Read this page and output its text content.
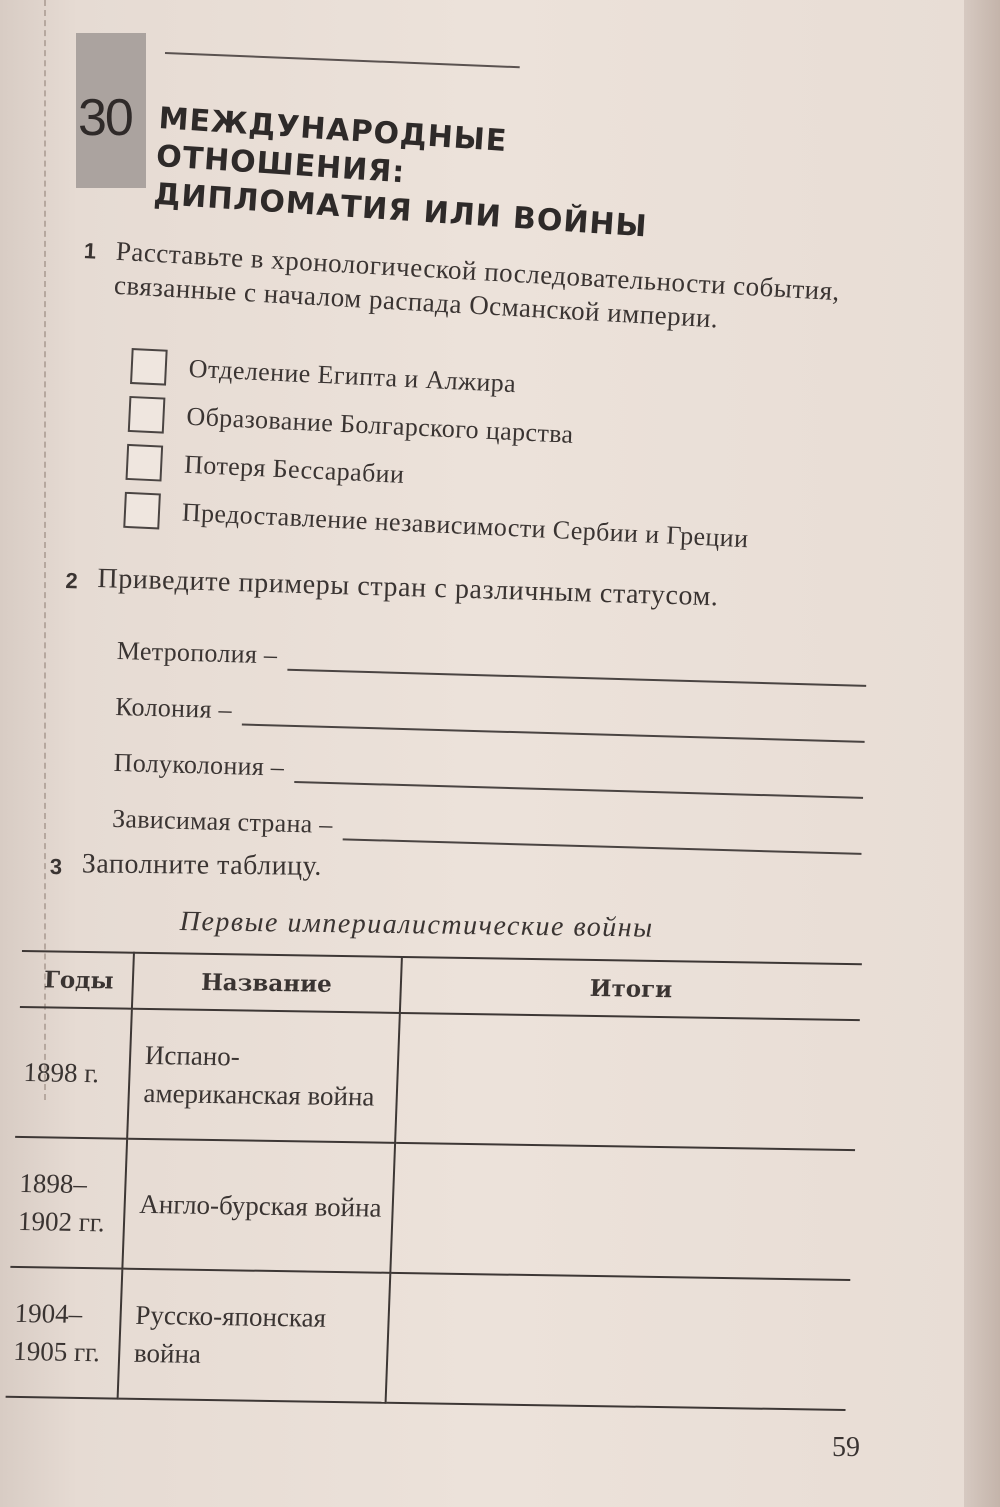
30 МЕЖДУНАРОДНЫЕ ОТНОШЕНИЯ:
ДИПЛОМАТИЯ ИЛИ ВОЙНЫ
1 Расставьте в хронологической последовательности события, связанные с началом распада Османской империи.
Отделение Египта и Алжира
Образование Болгарского царства
Потеря Бессарабии
Предоставление независимости Сербии и Греции
2 Приведите примеры стран с различным статусом.
Метрополия –
Колония –
Полуколония –
Зависимая страна –
3 Заполните таблицу.
Первые империалистические войны
Годы	Название	Итоги
1898 г.	Испано-американская война	
1898–1902 гг.	Англо-бурская война	
1904–1905 гг.	Русско-японская война	
59
